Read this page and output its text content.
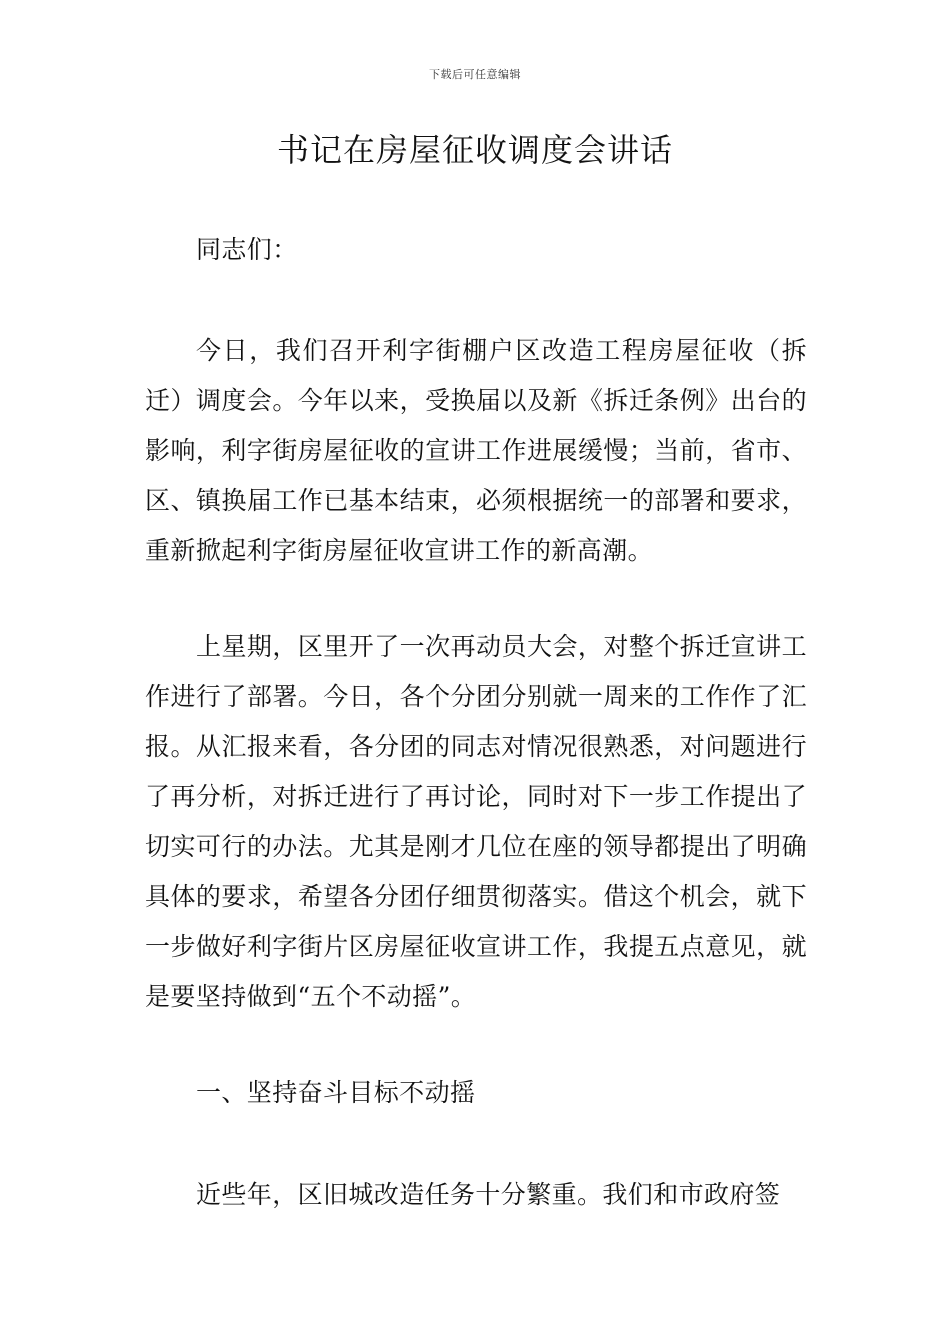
下载后可任意编辑
书记在房屋征收调度会讲话

同志们：

今日，我们召开利字街棚户区改造工程房屋征收（拆迁）调度会。今年以来，受换届以及新《拆迁条例》出台的影响，利字街房屋征收的宣讲工作进展缓慢；当前，省市、区、镇换届工作已基本结束，必须根据统一的部署和要求，重新掀起利字街房屋征收宣讲工作的新高潮。

上星期，区里开了一次再动员大会，对整个拆迁宣讲工作进行了部署。今日，各个分团分别就一周来的工作作了汇报。从汇报来看，各分团的同志对情况很熟悉，对问题进行了再分析，对拆迁进行了再讨论，同时对下一步工作提出了切实可行的办法。尤其是刚才几位在座的领导都提出了明确具体的要求，希望各分团仔细贯彻落实。借这个机会，就下一步做好利字街片区房屋征收宣讲工作，我提五点意见，就是要坚持做到“五个不动摇”。

一、坚持奋斗目标不动摇

近些年，区旧城改造任务十分繁重。我们和市政府签
